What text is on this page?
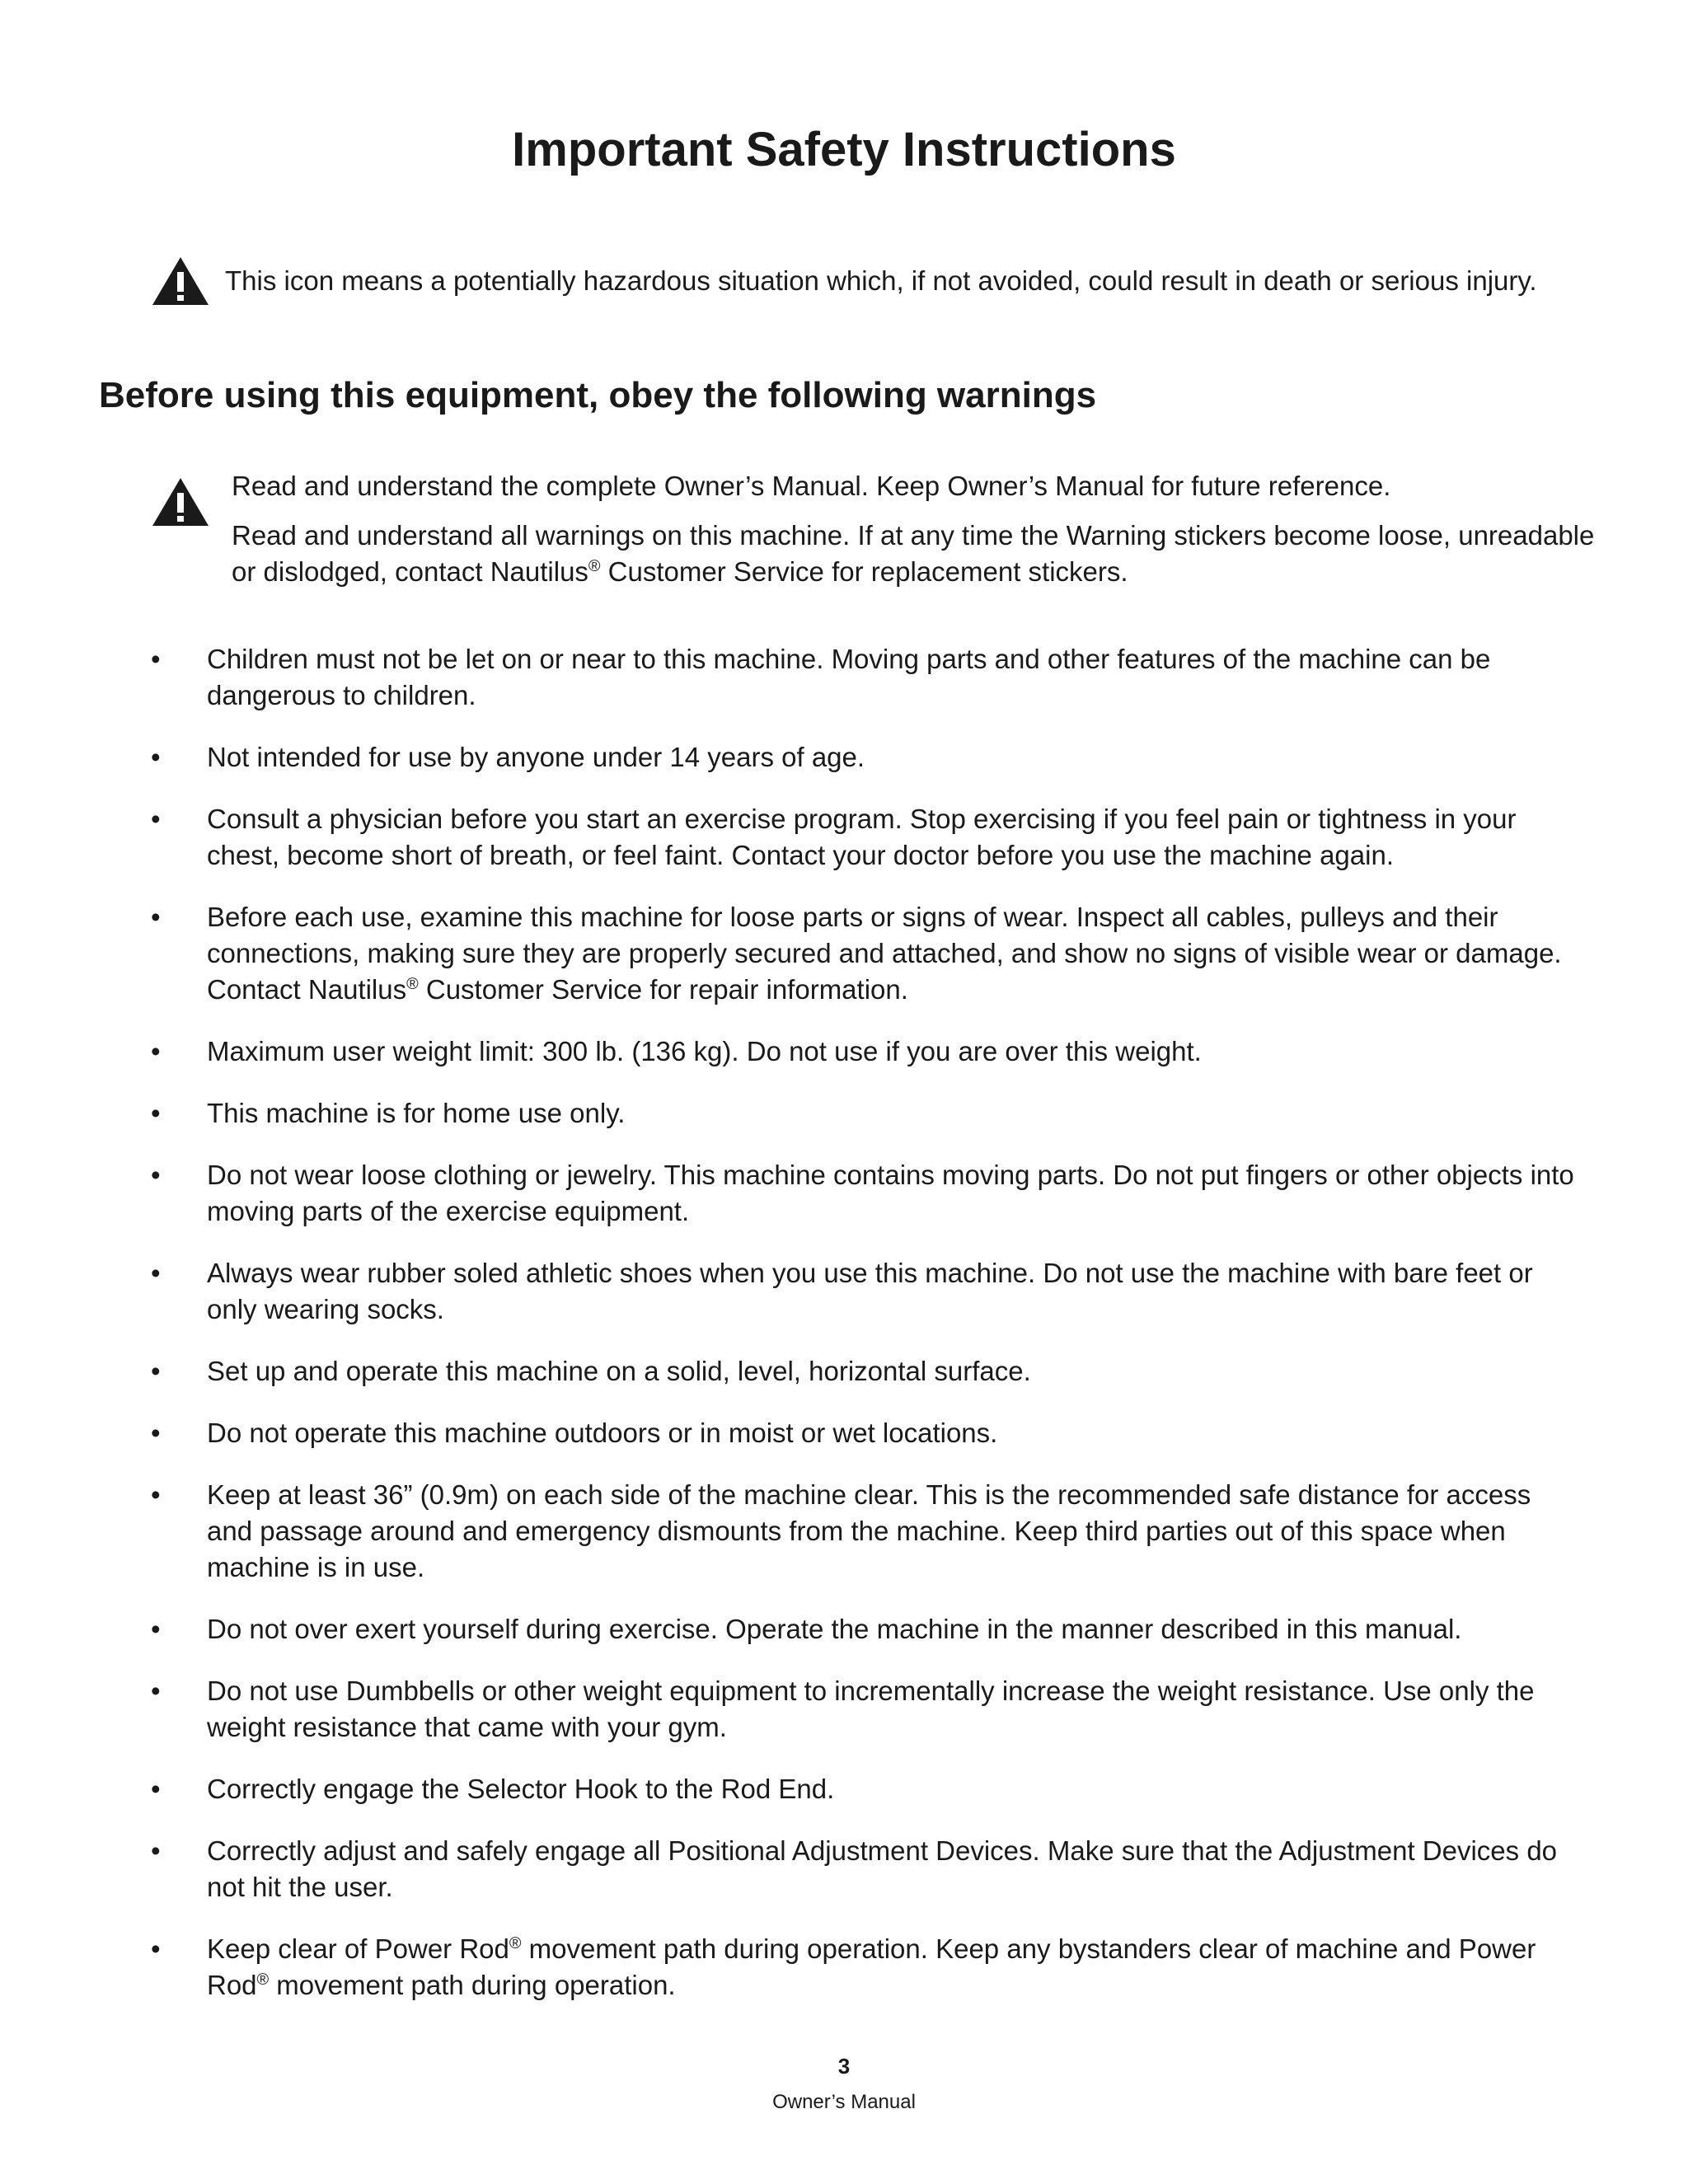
Important Safety Instructions
This icon means a potentially hazardous situation which, if not avoided, could result in death or serious injury.
Before using this equipment, obey the following warnings

Read and understand the complete Owner’s Manual. Keep Owner’s Manual for future reference.

Read and understand all warnings on this machine. If at any time the Warning stickers become loose, unreadable or dislodged, contact Nautilus® Customer Service for replacement stickers.

•	Children must not be let on or near to this machine. Moving parts and other features of the machine can be dangerous to children.
•	Not intended for use by anyone under 14 years of age.
•	Consult a physician before you start an exercise program. Stop exercising if you feel pain or tightness in your chest, become short of breath, or feel faint. Contact your doctor before you use the machine again.
•	Before each use, examine this machine for loose parts or signs of wear. Inspect all cables, pulleys and their connections, making sure they are properly secured and attached, and show no signs of visible wear or damage. Contact Nautilus® Customer Service for repair information.
•	Maximum user weight limit: 300 lb. (136 kg). Do not use if you are over this weight.
•	This machine is for home use only.
•	Do not wear loose clothing or jewelry. This machine contains moving parts. Do not put fingers or other objects into moving parts of the exercise equipment.
•	Always wear rubber soled athletic shoes when you use this machine. Do not use the machine with bare feet or only wearing socks.
•	Set up and operate this machine on a solid, level, horizontal surface.
•	Do not operate this machine outdoors or in moist or wet locations.
•	Keep at least 36” (0.9m) on each side of the machine clear. This is the recommended safe distance for access and passage around and emergency dismounts from the machine. Keep third parties out of this space when machine is in use.
•	Do not over exert yourself during exercise. Operate the machine in the manner described in this manual.
•	Do not use Dumbbells or other weight equipment to incrementally increase the weight resistance. Use only the weight resistance that came with your gym.
•	Correctly engage the Selector Hook to the Rod End.
•	Correctly adjust and safely engage all Positional Adjustment Devices. Make sure that the Adjustment Devices do not hit the user.
•	Keep clear of Power Rod® movement path during operation. Keep any bystanders clear of machine and Power Rod® movement path during operation.
3
Owner’s Manual
